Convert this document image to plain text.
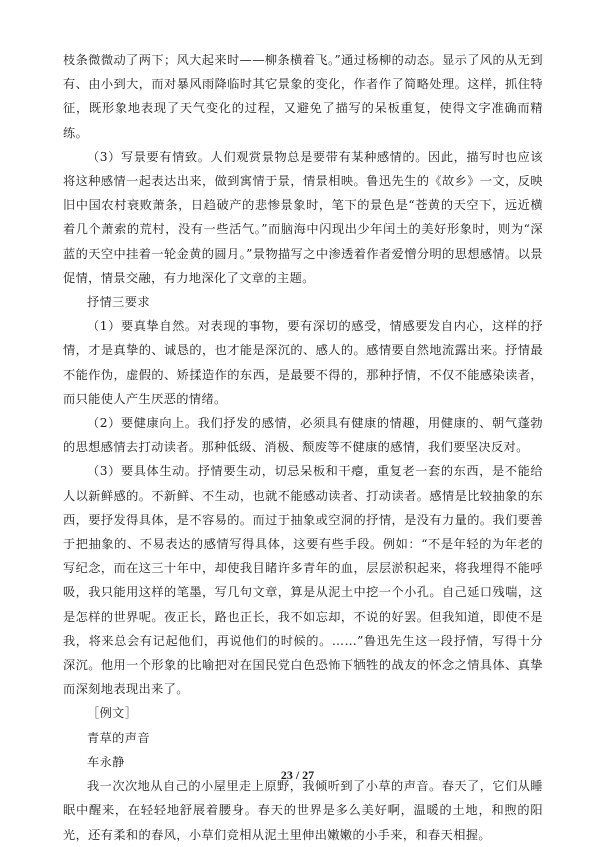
枝条微微动了两下；风大起来时——柳条横着飞。”通过杨柳的动态。显示了风的从无到有、由小到大，而对暴风雨降临时其它景象的变化，作者作了简略处理。这样，抓住特征，既形象地表现了天气变化的过程，又避免了描写的呆板重复，使得文字准确而精练。

（3）写景要有情致。人们观赏景物总是要带有某种感情的。因此，描写时也应该将这种感情一起表达出来，做到寓情于景，情景相映。鲁迅先生的《故乡》一文，反映旧中国农村衰败萧条，日趋破产的悲惨景象时，笔下的景色是“苍黄的天空下，远近横着几个萧索的荒村，没有一些活气。”而脑海中闪现出少年闰土的美好形象时，则为“深蓝的天空中挂着一轮金黄的圆月。”景物描写之中渗透着作者爱憎分明的思想感情。以景促情，情景交融，有力地深化了文章的主题。

抒情三要求

（1）要真挚自然。对表现的事物，要有深切的感受，情感要发自内心，这样的抒情，才是真挚的、诚恳的，也才能是深沉的、感人的。感情要自然地流露出来。抒情最不能作伪，虚假的、矫揉造作的东西，是最要不得的，那种抒情，不仅不能感染读者，而只能使人产生厌恶的情绪。

（2）要健康向上。我们抒发的感情，必须具有健康的情趣，用健康的、朝气蓬勃的思想感情去打动读者。那种低级、消极、颓废等不健康的感情，我们要坚决反对。

（3）要具体生动。抒情要生动，切忌呆板和干瘪，重复老一套的东西，是不能给人以新鲜感的。不新鲜、不生动，也就不能感动读者、打动读者。感情是比较抽象的东西，要抒发得具体，是不容易的。而过于抽象或空洞的抒情，是没有力量的。我们要善于把抽象的、不易表达的感情写得具体，这要有些手段。例如：“不是年轻的为年老的写纪念，而在这三十年中，却使我目睹许多青年的血，层层淤积起来，将我埋得不能呼吸，我只能用这样的笔墨，写几句文章，算是从泥土中挖一个小孔。自己延口残喘，这是怎样的世界呢。夜正长，路也正长，我不如忘却，不说的好罢。但我知道，即使不是我，将来总会有记起他们，再说他们的时候的。……”鲁迅先生这一段抒情，写得十分深沉。他用一个形象的比喻把对在国民党白色恐怖下牺牲的战友的怀念之情具体、真挚而深刻地表现出来了。

［例文］

青草的声音

车永静

我一次次地从自己的小屋里走上原野，我倾听到了小草的声音。春天了，它们从睡眠中醒来，在轻轻地舒展着腰身。春天的世界是多么美好啊，温暖的土地，和煦的阳光，还有柔和的春风，小草们竞相从泥土里伸出嫩嫩的小手来，和春天相握。

23 / 27
